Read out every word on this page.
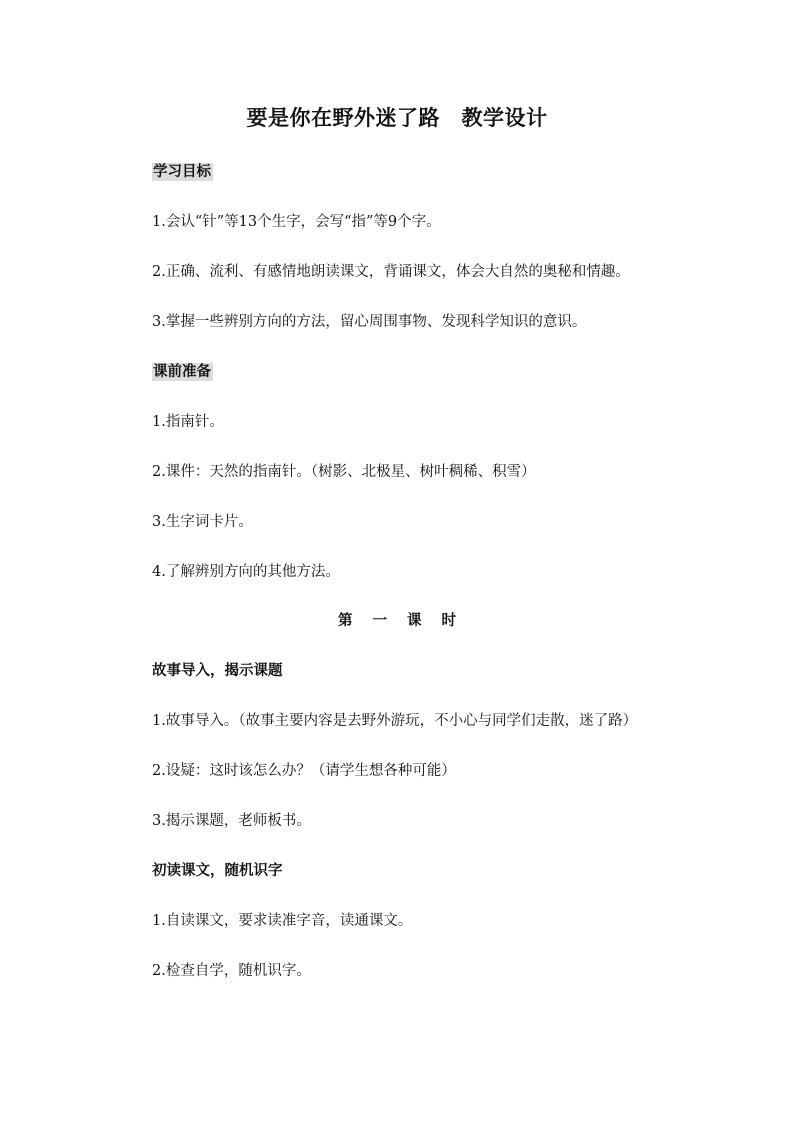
要是你在野外迷了路　教学设计
学习目标
1.会认“针”等13个生字，会写“指”等9个字。
2.正确、流利、有感情地朗读课文，背诵课文，体会大自然的奥秘和情趣。
3.掌握一些辨别方向的方法，留心周围事物、发现科学知识的意识。
课前准备
1.指南针。
2.课件：天然的指南针。（树影、北极星、树叶稠稀、积雪）
3.生字词卡片。
4.了解辨别方向的其他方法。
第一课时
故事导入，揭示课题
1.故事导入。（故事主要内容是去野外游玩，不小心与同学们走散，迷了路）
2.设疑：这时该怎么办？（请学生想各种可能）
3.揭示课题，老师板书。
初读课文，随机识字
1.自读课文，要求读准字音，读通课文。
2.检查自学，随机识字。
